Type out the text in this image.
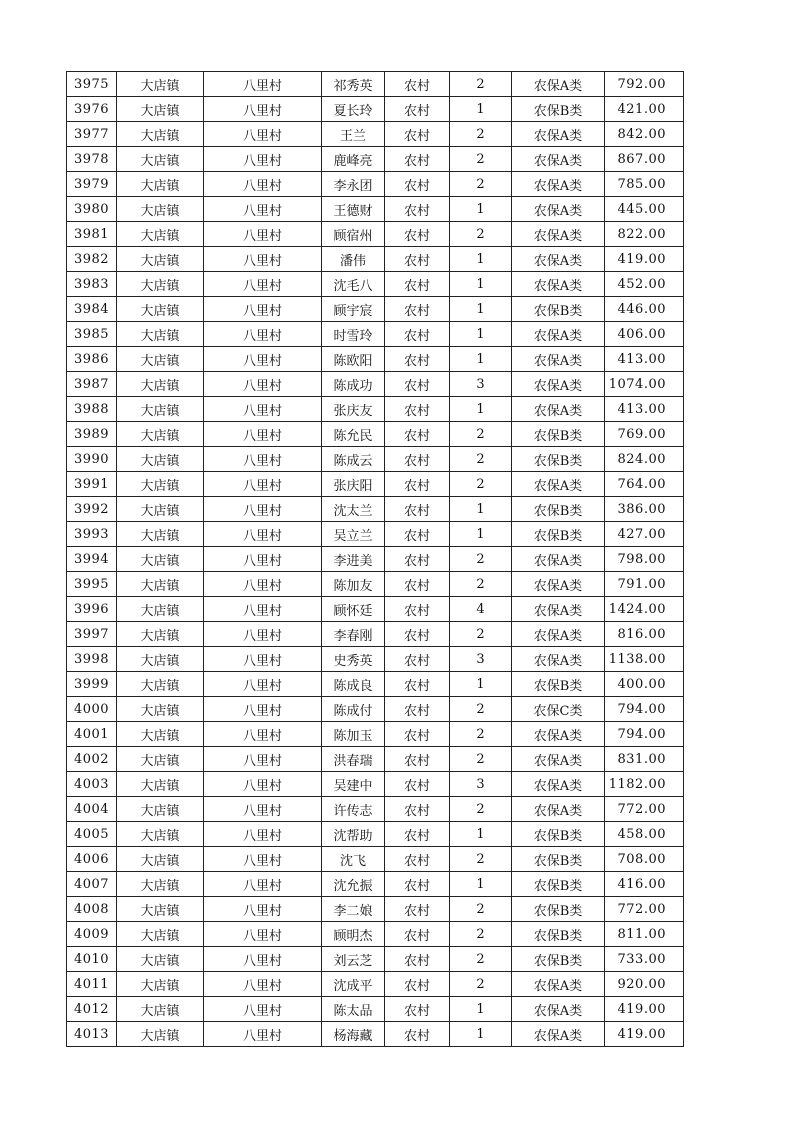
3975	大店镇	八里村	祁秀英	农村	2	农保A类	792.00
3976	大店镇	八里村	夏长玲	农村	1	农保B类	421.00
3977	大店镇	八里村	王兰	农村	2	农保A类	842.00
3978	大店镇	八里村	鹿峰亮	农村	2	农保A类	867.00
3979	大店镇	八里村	李永团	农村	2	农保A类	785.00
3980	大店镇	八里村	王德财	农村	1	农保A类	445.00
3981	大店镇	八里村	顾宿州	农村	2	农保A类	822.00
3982	大店镇	八里村	潘伟	农村	1	农保A类	419.00
3983	大店镇	八里村	沈毛八	农村	1	农保A类	452.00
3984	大店镇	八里村	顾宇宸	农村	1	农保B类	446.00
3985	大店镇	八里村	时雪玲	农村	1	农保A类	406.00
3986	大店镇	八里村	陈欧阳	农村	1	农保A类	413.00
3987	大店镇	八里村	陈成功	农村	3	农保A类	1074.00
3988	大店镇	八里村	张庆友	农村	1	农保A类	413.00
3989	大店镇	八里村	陈允民	农村	2	农保B类	769.00
3990	大店镇	八里村	陈成云	农村	2	农保B类	824.00
3991	大店镇	八里村	张庆阳	农村	2	农保A类	764.00
3992	大店镇	八里村	沈太兰	农村	1	农保B类	386.00
3993	大店镇	八里村	吴立兰	农村	1	农保B类	427.00
3994	大店镇	八里村	李进美	农村	2	农保A类	798.00
3995	大店镇	八里村	陈加友	农村	2	农保A类	791.00
3996	大店镇	八里村	顾怀廷	农村	4	农保A类	1424.00
3997	大店镇	八里村	李春刚	农村	2	农保A类	816.00
3998	大店镇	八里村	史秀英	农村	3	农保A类	1138.00
3999	大店镇	八里村	陈成良	农村	1	农保B类	400.00
4000	大店镇	八里村	陈成付	农村	2	农保C类	794.00
4001	大店镇	八里村	陈加玉	农村	2	农保A类	794.00
4002	大店镇	八里村	洪春瑞	农村	2	农保A类	831.00
4003	大店镇	八里村	吴建中	农村	3	农保A类	1182.00
4004	大店镇	八里村	许传志	农村	2	农保A类	772.00
4005	大店镇	八里村	沈帮助	农村	1	农保B类	458.00
4006	大店镇	八里村	沈飞	农村	2	农保B类	708.00
4007	大店镇	八里村	沈允振	农村	1	农保B类	416.00
4008	大店镇	八里村	李二娘	农村	2	农保B类	772.00
4009	大店镇	八里村	顾明杰	农村	2	农保B类	811.00
4010	大店镇	八里村	刘云芝	农村	2	农保B类	733.00
4011	大店镇	八里村	沈成平	农村	2	农保A类	920.00
4012	大店镇	八里村	陈太品	农村	1	农保A类	419.00
4013	大店镇	八里村	杨海藏	农村	1	农保A类	419.00
